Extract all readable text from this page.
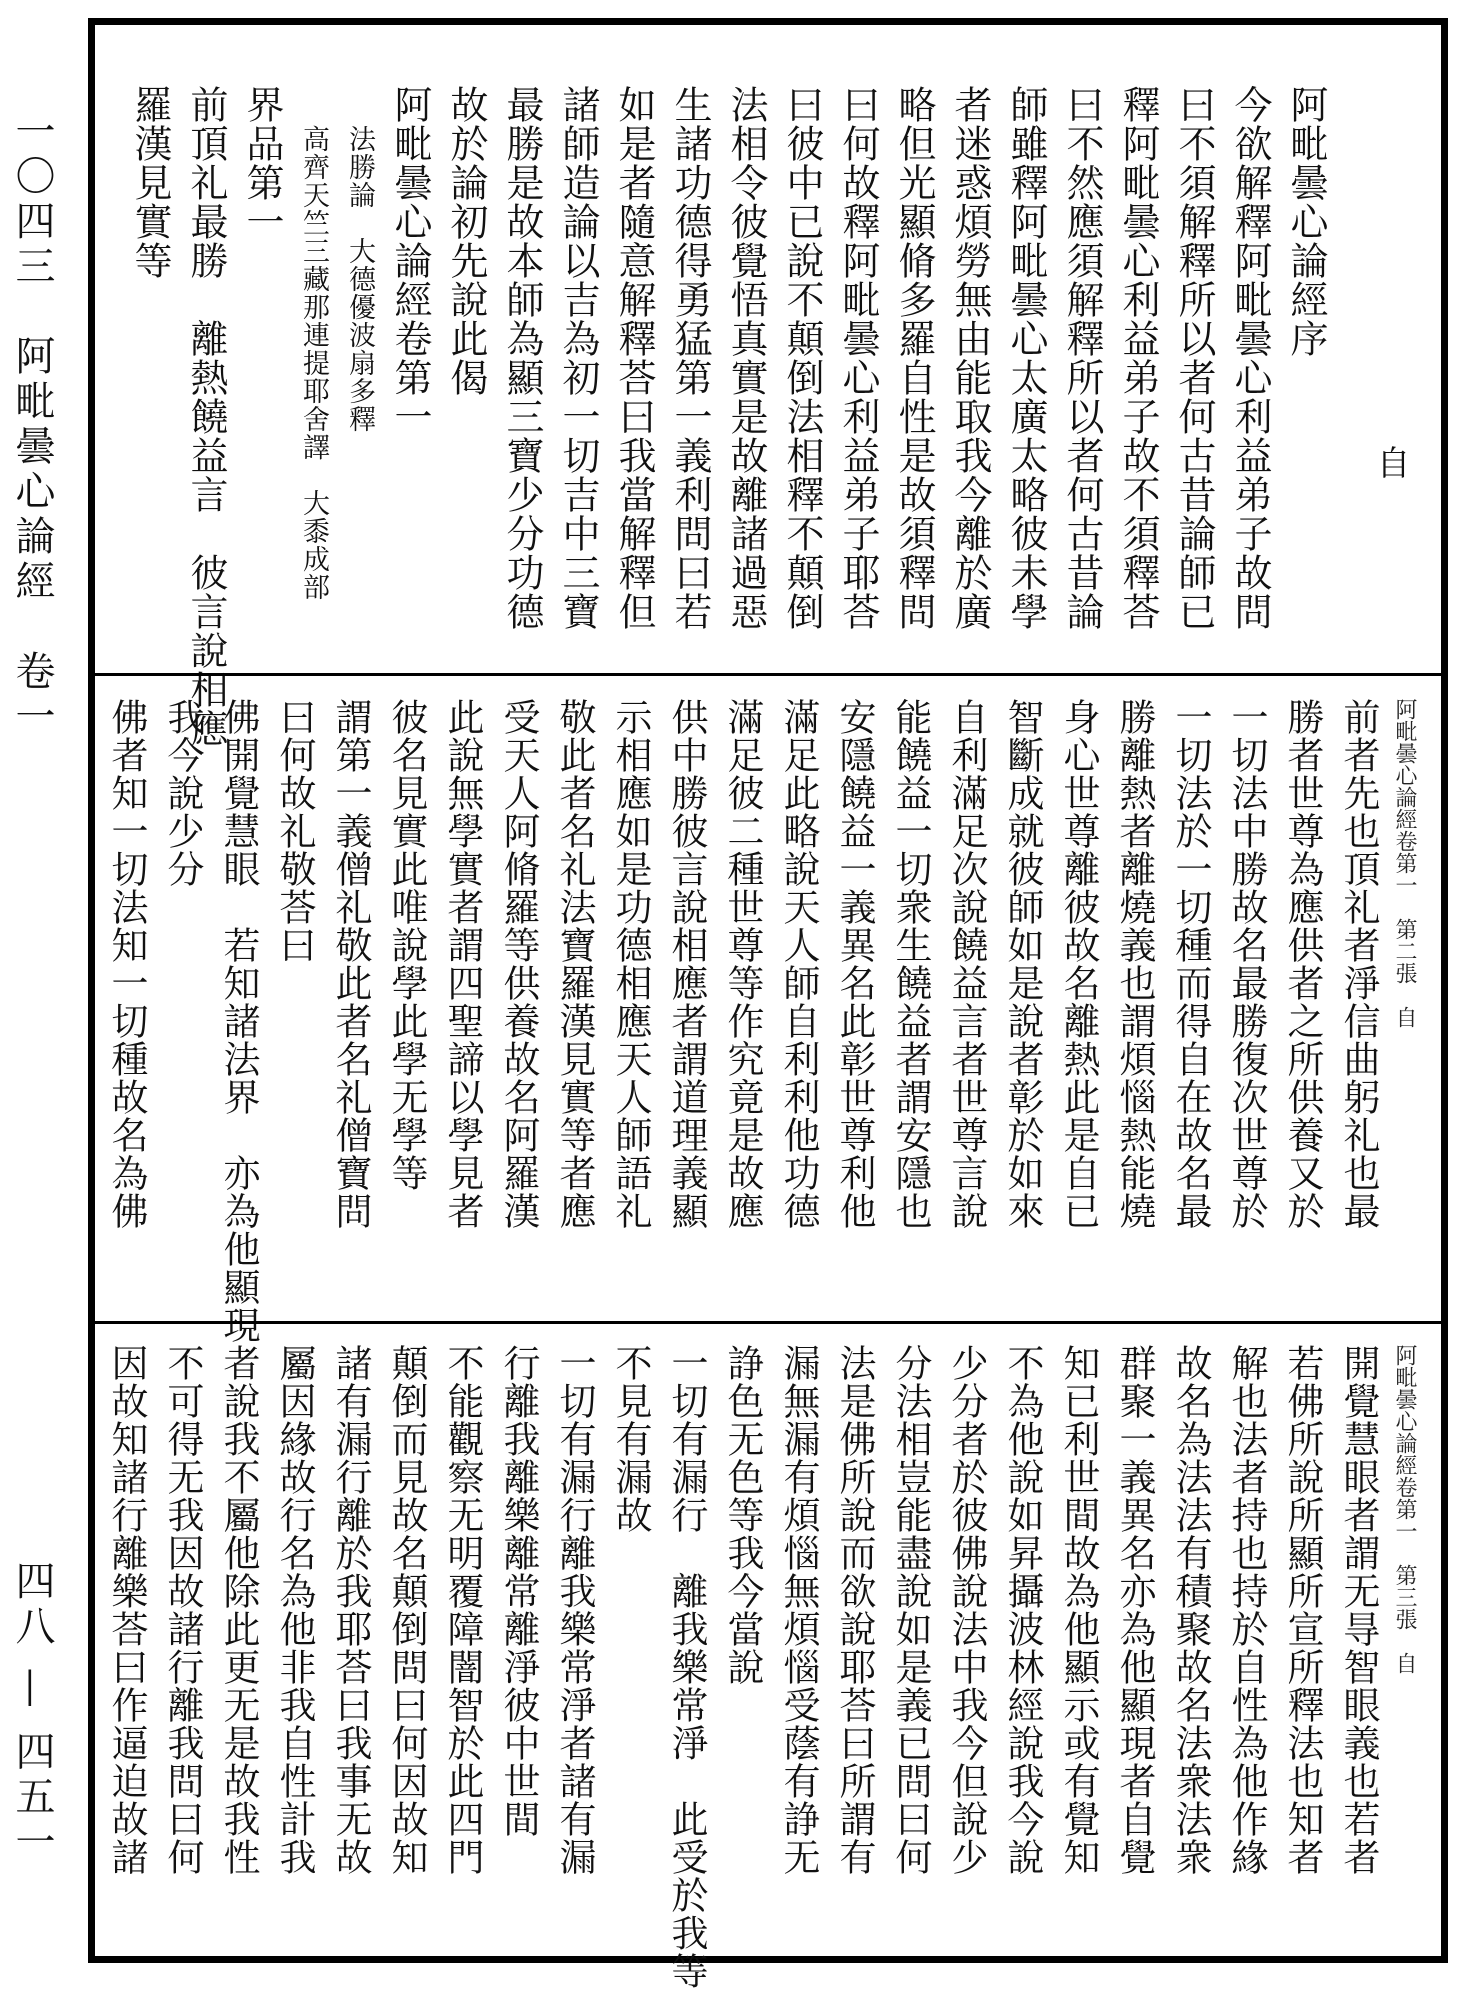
一〇四三　阿毗曇心論經　卷一
四八 — 四五一
自
阿毗曇心論經序
今欲解釋阿毗曇心利益弟子故問
曰不須解釋所以者何古昔論師已
釋阿毗曇心利益弟子故不須釋荅
曰不然應須解釋所以者何古昔論
師雖釋阿毗曇心太廣太略彼未學
者迷惑煩勞無由能取我今離於廣
略但光顯脩多羅自性是故須釋問
曰何故釋阿毗曇心利益弟子耶荅
曰彼中已說不顛倒法相釋不顛倒
法相令彼覺悟真實是故離諸過惡
生諸功德得勇猛第一義利問曰若
如是者隨意解釋荅曰我當解釋但
諸師造論以吉為初一切吉中三寶
最勝是故本師為顯三寶少分功德
故於論初先說此偈
阿毗曇心論經卷第一
法勝論　大德優波扇多釋
高齊天竺三藏那連提耶舍譯　大黍成部
界品第一
前頂礼最勝　離熱饒益言　彼言說相應
羅漢見實等
阿毗曇心論經卷第一　第二張　自
前者先也頂礼者淨信曲躬礼也最
勝者世尊為應供者之所供養又於
一切法中勝故名最勝復次世尊於
一切法於一切種而得自在故名最
勝離熱者離燒義也謂煩惱熱能燒
身心世尊離彼故名離熱此是自已
智斷成就彼師如是說者彰於如來
自利滿足次說饒益言者世尊言說
能饒益一切衆生饒益者謂安隱也
安隱饒益一義異名此彰世尊利他
滿足此略說天人師自利利他功德
滿足彼二種世尊等作究竟是故應
供中勝彼言說相應者謂道理義顯
示相應如是功德相應天人師語礼
敬此者名礼法寶羅漢見實等者應
受天人阿脩羅等供養故名阿羅漢
此說無學實者謂四聖諦以學見者
彼名見實此唯說學此學无學等
謂第一義僧礼敬此者名礼僧寶問
曰何故礼敬荅曰
佛開覺慧眼　若知諸法界　亦為他顯現
我今說少分
佛者知一切法知一切種故名為佛
阿毗曇心論經卷第一　第三張　自
開覺慧眼者謂无㝵智眼義也若者
若佛所說所顯所宣所釋法也知者
解也法者持也持於自性為他作緣
故名為法法有積聚故名法衆法衆
群聚一義異名亦為他顯現者自覺
知已利世間故為他顯示或有覺知
不為他說如昇攝波林經說我今說
少分者於彼佛說法中我今但說少
分法相豈能盡說如是義已問曰何
法是佛所說而欲說耶荅曰所謂有
漏無漏有煩惱無煩惱受蔭有諍无
諍色无色等我今當說
一切有漏行　離我樂常淨　此受於我等
不見有漏故
一切有漏行離我樂常淨者諸有漏
行離我離樂離常離淨彼中世間
不能觀察无明覆障闇智於此四門
顛倒而見故名顛倒問曰何因故知
諸有漏行離於我耶荅曰我事无故
屬因緣故行名為他非我自性計我
者說我不屬他除此更无是故我性
不可得无我因故諸行離我問曰何
因故知諸行離樂荅曰作逼迫故諸
